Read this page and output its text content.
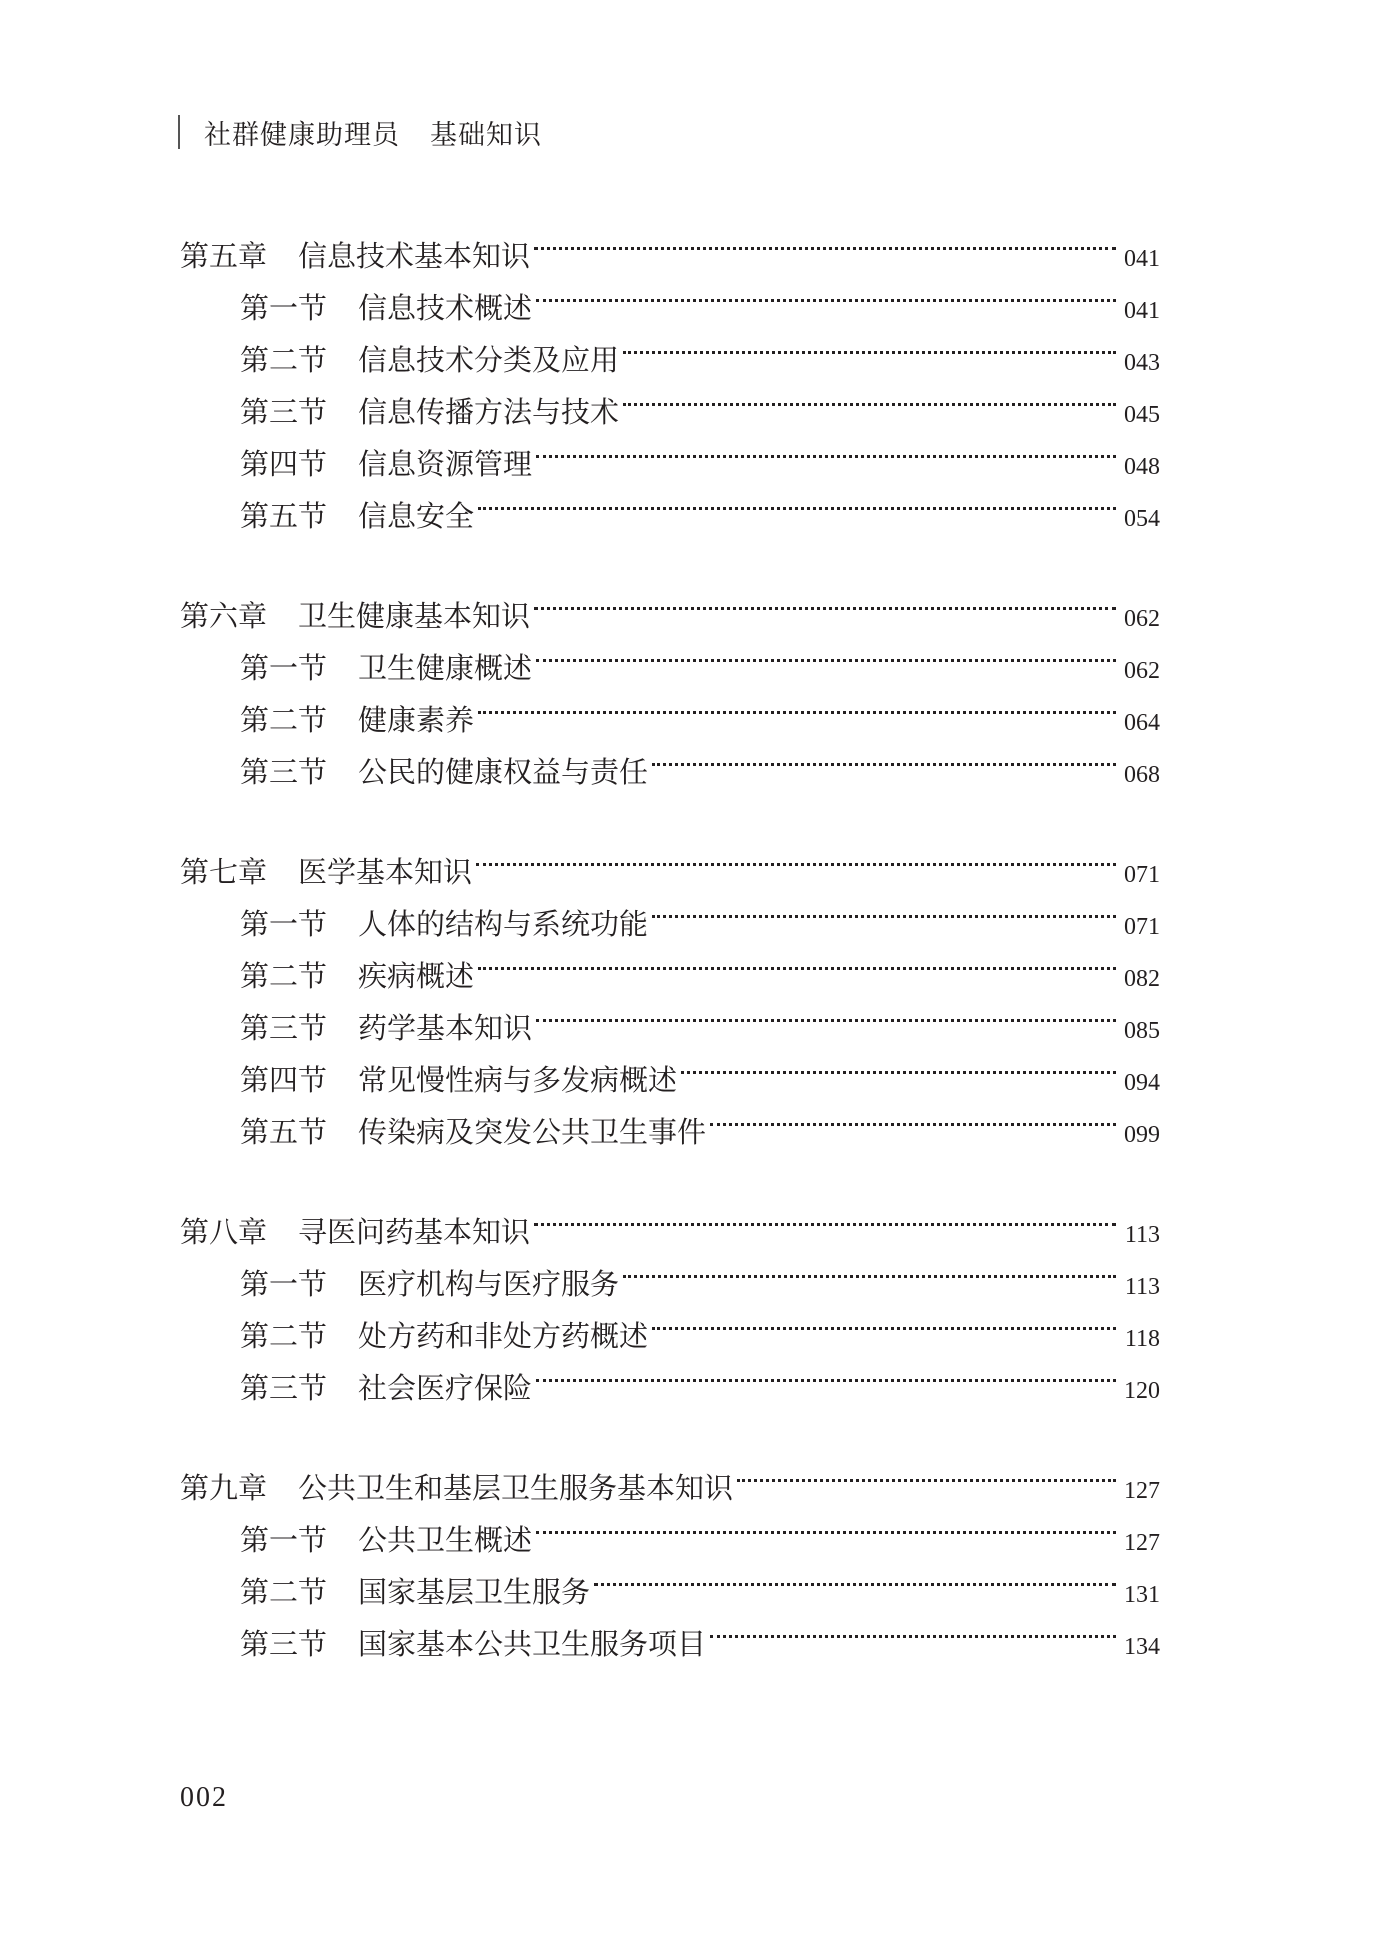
社群健康助理员 基础知识
第五章	信息技术基本知识	041
第一节	信息技术概述	041
第二节	信息技术分类及应用	043
第三节	信息传播方法与技术	045
第四节	信息资源管理	048
第五节	信息安全	054
第六章	卫生健康基本知识	062
第一节	卫生健康概述	062
第二节	健康素养	064
第三节	公民的健康权益与责任	068
第七章	医学基本知识	071
第一节	人体的结构与系统功能	071
第二节	疾病概述	082
第三节	药学基本知识	085
第四节	常见慢性病与多发病概述	094
第五节	传染病及突发公共卫生事件	099
第八章	寻医问药基本知识	113
第一节	医疗机构与医疗服务	113
第二节	处方药和非处方药概述	118
第三节	社会医疗保险	120
第九章	公共卫生和基层卫生服务基本知识	127
第一节	公共卫生概述	127
第二节	国家基层卫生服务	131
第三节	国家基本公共卫生服务项目	134
002
